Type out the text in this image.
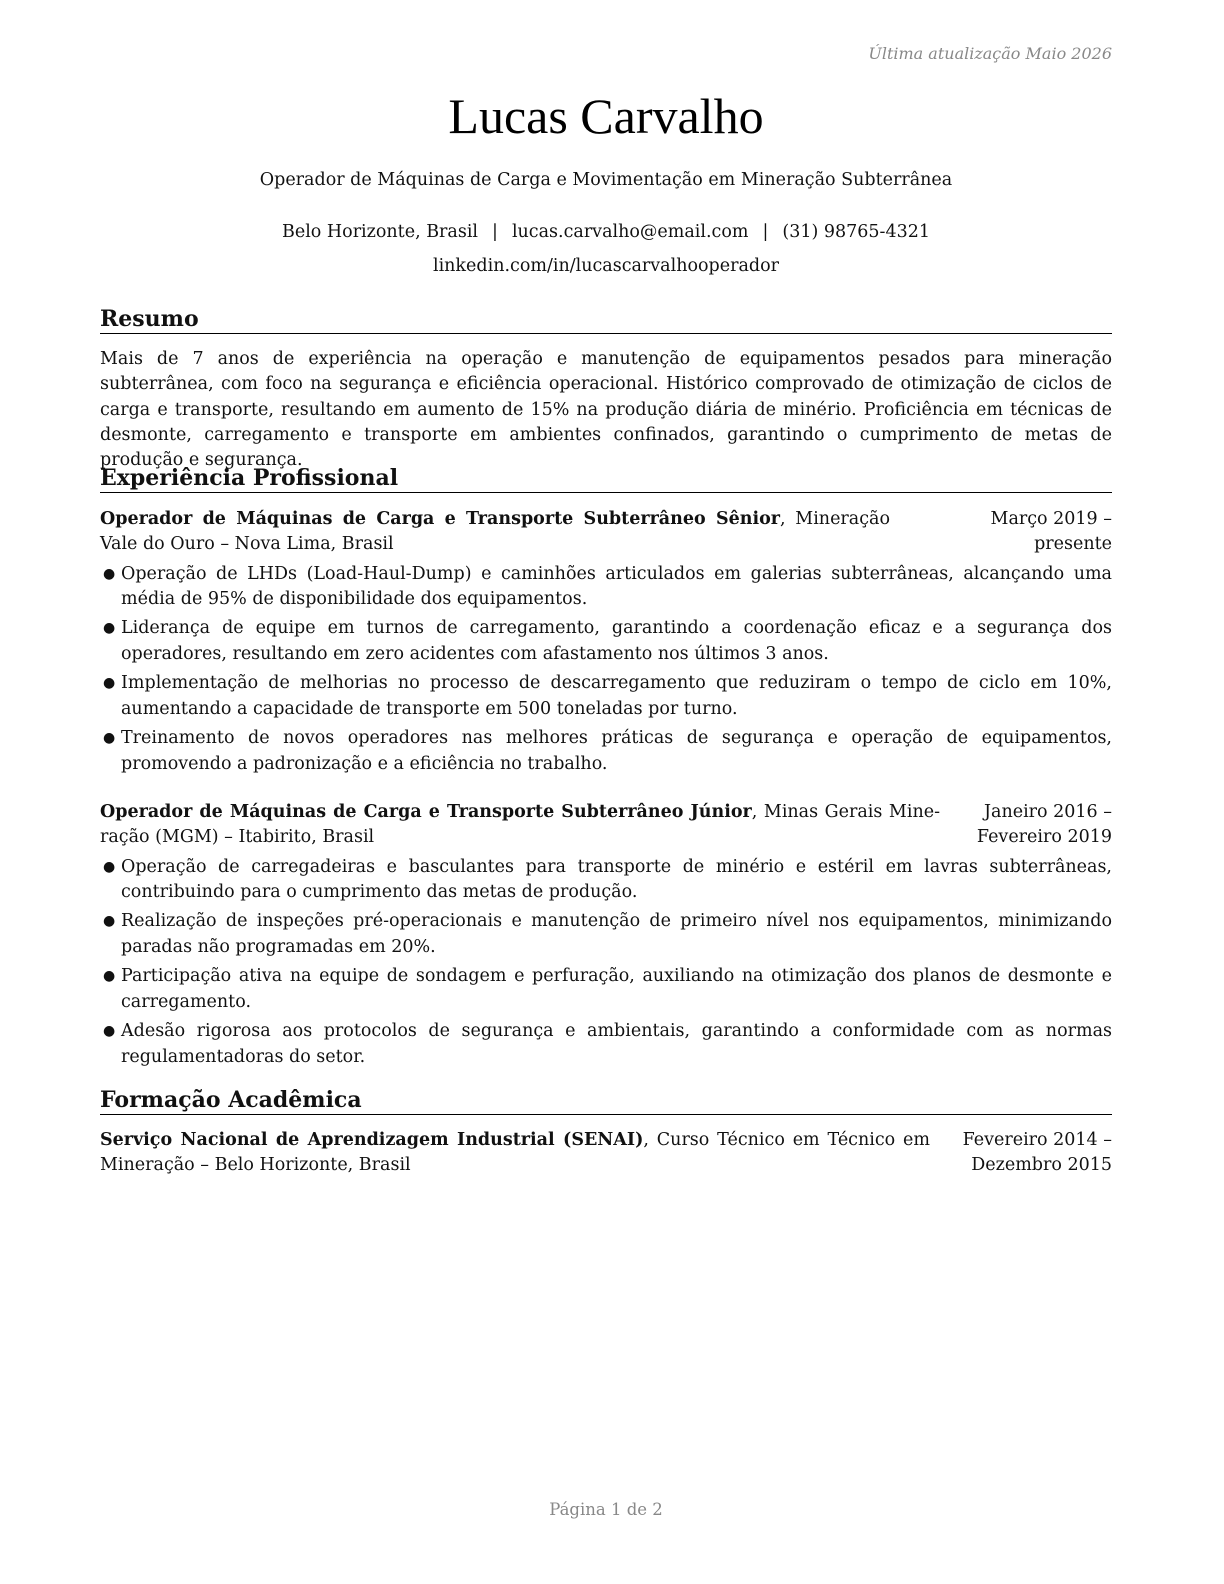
Última atualização Maio 2026
Lucas Carvalho
Operador de Máquinas de Carga e Movimentação em Mineração Subterrânea
Belo Horizonte, Brasil | lucas.carvalho@email.com | (31) 98765-4321
linkedin.com/in/lucascarvalhooperador
Resumo
Mais de 7 anos de experiência na operação e manutenção de equipamentos pesados para mineração subterrânea, com foco na segurança e eficiência operacional. Histórico comprovado de otimização de ciclos de carga e transporte, resultando em aumento de 15% na produção diária de minério. Proficiência em técnicas de desmonte, carregamento e transporte em ambientes confinados, garantindo o cumprimento de metas de produção e segurança.
Experiência Profissional
Operador de Máquinas de Carga e Transporte Subterrâneo Sênior, Mineração Vale do Ouro – Nova Lima, Brasil
Março 2019 – presente
● Operação de LHDs (Load-Haul-Dump) e caminhões articulados em galerias subterrâneas, alcançando uma média de 95% de disponibilidade dos equipamentos.
● Liderança de equipe em turnos de carregamento, garantindo a coordenação eficaz e a segurança dos operadores, resultando em zero acidentes com afastamento nos últimos 3 anos.
● Implementação de melhorias no processo de descarregamento que reduziram o tempo de ciclo em 10%, aumentando a capacidade de transporte em 500 toneladas por turno.
● Treinamento de novos operadores nas melhores práticas de segurança e operação de equipamentos, promovendo a padronização e a eficiência no trabalho.
Operador de Máquinas de Carga e Transporte Subterrâneo Júnior, Minas Gerais Mineração (MGM) – Itabirito, Brasil
Janeiro 2016 – Fevereiro 2019
● Operação de carregadeiras e basculantes para transporte de minério e estéril em lavras subterrâneas, contribuindo para o cumprimento das metas de produção.
● Realização de inspeções pré-operacionais e manutenção de primeiro nível nos equipamentos, minimizando paradas não programadas em 20%.
● Participação ativa na equipe de sondagem e perfuração, auxiliando na otimização dos planos de desmonte e carregamento.
● Adesão rigorosa aos protocolos de segurança e ambientais, garantindo a conformidade com as normas regulamentadoras do setor.
Formação Acadêmica
Serviço Nacional de Aprendizagem Industrial (SENAI), Curso Técnico em Técnico em Mineração – Belo Horizonte, Brasil
Fevereiro 2014 – Dezembro 2015
Página 1 de 2
